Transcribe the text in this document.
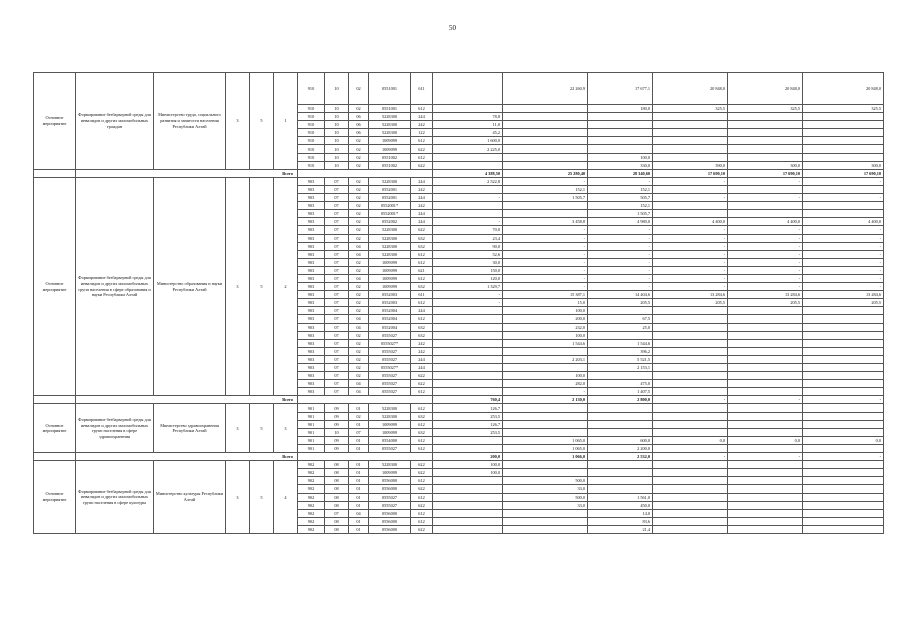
50
Основное мероприятие	Формирование безбарьерной среды для инвалидов и других маломобильных граждан	Министерство труда, социального развития и занятости населения Республики Алтай	3	5	1	910	10	02	0551001	611		22 260,9	17 677,1	20 848,0	20 848,0	20 848,0
						910	10	02	0551001	612			180,0	325,5	325,5	325,5
						910	10	06	5228300	244	78,8					
						910	10	06	5228300	242	11,0					
						910	10	06	5228300	122	45,2					
						910	10	02	1009099	612	1 600,0					
						910	10	02	1009099	622	2 225,0					
						910	10	02	0551002	612			100,0			
						910	10	02	0551002	622			330,0	390,0	300,0	300,0
	Всего										4 388,50	25 280,40	28 340,60	17 690,10	17 690,10	17 690,10
Основное мероприятие	Формирование безбарьерной среды для инвалидов и других маломобильных групп населения в сфере образования и науки Республики Алтай	Министерство образования и науки Республики Алтай	3	5	2	903	07	02	5228300	244	2 522,8	-	-	-	-	-
						903	07	02	0552001	242		152,1	152,1			
						903	07	02	0552001	244	-	1 505,7	505,7	-	-	-
						903	07	02	0552001*	242			152,1			
						903	07	02	0552001*	244			1 505,7			
						903	07	02	0552002	244	-	3 458,8	4 980,0	4 400,0	4 400,0	4 400,0
						903	07	02	5228300	622	70,0	-	-	-	-	-
						903	07	02	5228300	632	23,4	-	-	-	-	-
						903	07	04	5228300	632	90,0	-	-	-	-	-
						903	07	04	5228300	612	52,6	-	-	-	-	-
						903	07	02	1009099	612	30,0	-	-	-	-	-
						903	07	02	1009099	621	150,0	-	-	-	-	-
						903	07	04	1009099	612	120,0	-	-	-	-	-
						903	07	02	1009099	632	1 329,7	-	-	-	-	-
						903	07	02	0552003	611	-	15 387,1	14 404,6	13 284,6	13 284,6	13 284,6
						903	07	02	0552003	612	-	15,0	205,5	205,5	205,5	205,5
						903	07	02	0552004	244		100,0				
						903	07	04	0552004	612		200,0	67,5			
						903	07	04	0552004	632		232,0	25,0			
						903	07	02	0555027	632		100,0				
						903	07	02	0555027*	242		1 544,6	1 544,6			
						903	07	02	0555027	242			396,2			
						903	07	02	0555027	244		2 203,1	5 521,5			
						903	07	02	0555027*	244			2 153,1			
						903	07	02	0555027	622		100,0				
						903	07	04	0555027	622		282,0	475,0			
						903	07	04	0555027	612		-	1 407,5			
	Всего										760,4	2 130,0	2 800,0	-	-	-
Основное мероприятие	Формирование безбарьерной среды для инвалидов и других маломобильных групп населения в сфере здравоохранения	Министерство здравоохранения Республики Алтай	3	5	3	901	09	01	5228300	612	126,7					
						901	09	02	5228300	632	253,5					
						901	09	01	1009099	612	126,7					
						901	10	07	1009099	632	253,5					
						901	09	01	0554000	612		1 065,0	600,0	0,0	0,0	0,0
						901	09	01	0555027	612		1 065,0	2 200,0			
	Всего										200,0	1 066,0	2 532,0	-	-	-
Основное мероприятие	Формирование безбарьерной среды для инвалидов и других маломобильных групп населения в сфере культуры	Министерство культуры Республики Алтай	3	5	4	902	08	01	5228300	622	100,0					
						902	08	01	1009099	622	100,0					
						902	08	01	0556000	612		500,0				
						902	08	01	0556000	622		33,0				
						902	08	01	0555027	612		500,0	1 561,0			
						902	08	01	0555027	622		33,0	450,0			
						902	07	04	0556000	612			14,0			
						902	08	01	0556000	612			83,6			
						902	08	01	0556000	622			21,4			
